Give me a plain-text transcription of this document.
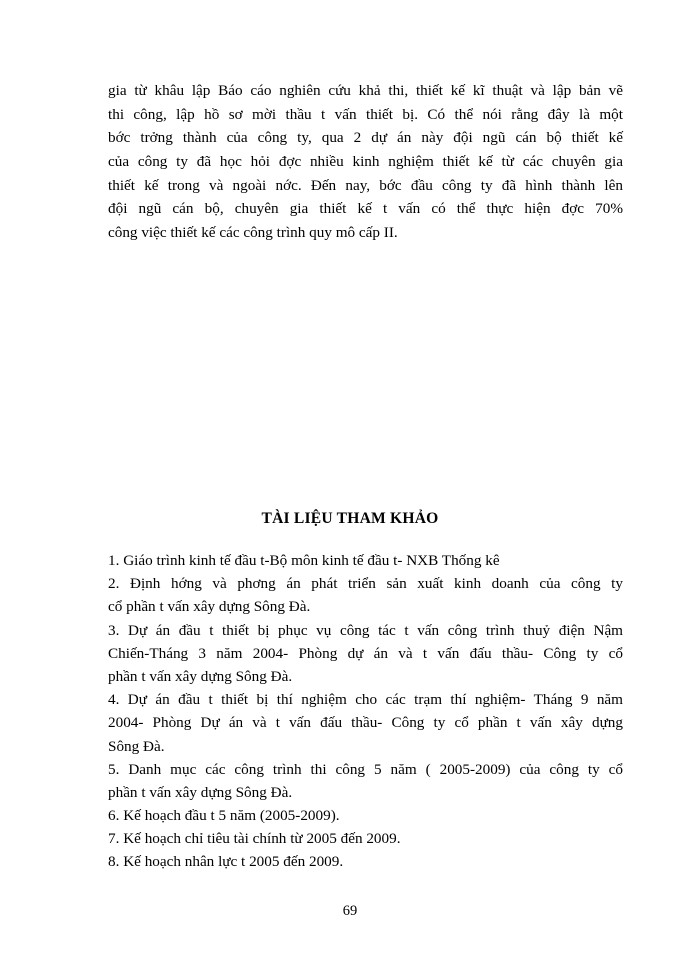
gia từ khâu lập Báo cáo nghiên cứu khả thi, thiết kế kĩ thuật và lập bản vẽ
thi công, lập hồ sơ mời thầu t vấn thiết bị. Có thể nói rằng đây là một
bớc trởng thành của công ty, qua 2 dự án này đội ngũ cán bộ thiết kế
của công ty đã học hỏi đợc nhiều kinh nghiệm thiết kế từ các chuyên gia
thiết kế trong và ngoài nớc. Đến nay, bớc đầu công ty đã hình thành lên
đội ngũ cán bộ, chuyên gia thiết kế t vấn có thể thực hiện đợc 70%
công việc thiết kế các công trình quy mô cấp II.
TÀI LIỆU THAM KHẢO
1. Giáo trình kinh tế đầu t-Bộ môn kinh tế đầu t- NXB Thống kê
2. Định hớng và phơng án phát triển sản xuất kinh doanh của công ty
cổ phần t vấn xây dựng Sông Đà.
3. Dự án đầu t thiết bị phục vụ công tác t vấn công trình thuỷ điện Nậm
Chiến-Tháng 3 năm 2004- Phòng dự án và t vấn đấu thầu- Công ty cổ
phần t vấn xây dựng Sông Đà.
4. Dự án đầu t thiết bị thí nghiệm cho các trạm thí nghiệm- Tháng 9 năm
2004- Phòng Dự án và t vấn đấu thầu- Công ty cổ phần t vấn xây dựng
Sông Đà.
5. Danh mục các công trình thi công 5 năm ( 2005-2009) của công ty cổ
phần t vấn xây dựng Sông Đà.
6. Kế hoạch đầu t 5 năm (2005-2009).
7. Kế hoạch chỉ tiêu tài chính từ 2005 đến 2009.
8. Kế hoạch nhân lực t 2005 đến 2009.
69
